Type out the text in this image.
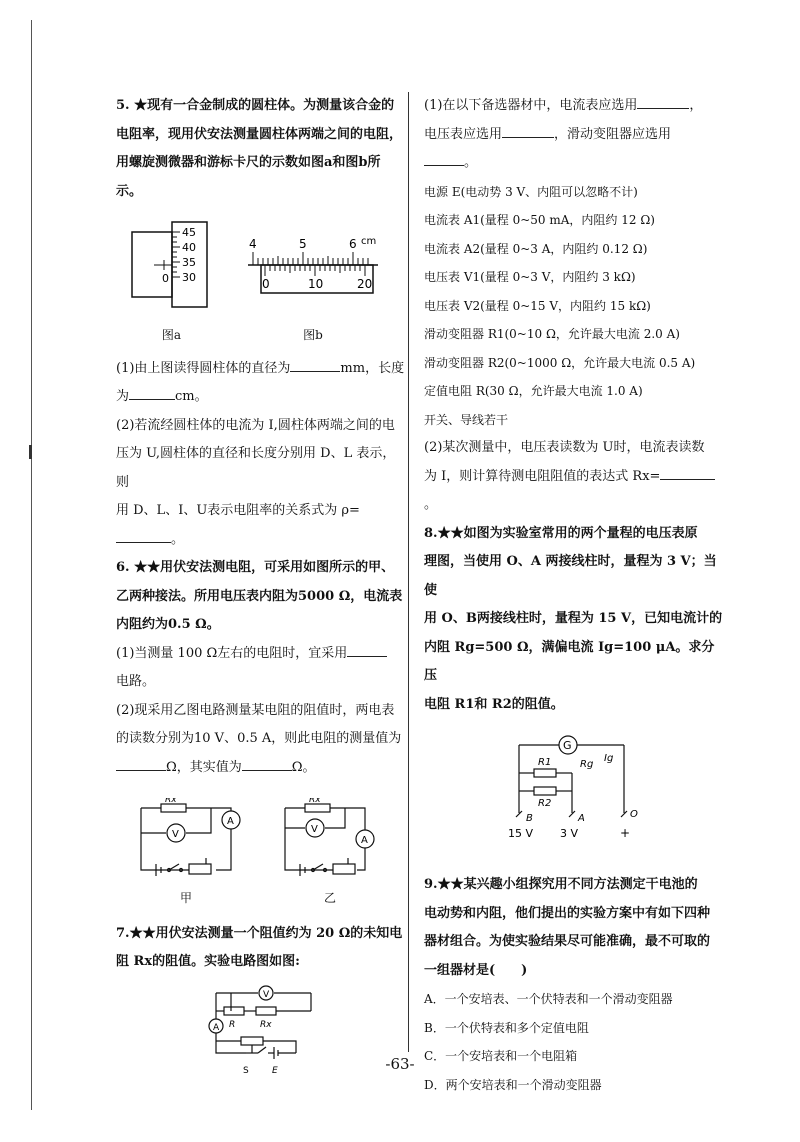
5. ★现有一合金制成的圆柱体。为测量该合金的

电阻率，现用伏安法测量圆柱体两端之间的电阻，

用螺旋测微器和游标卡尺的示数如图a和图b所示。

45
40
35
30
0
图a
4	5	6 cm
0	10	20
图b

(1)由上图读得圆柱体的直径为	mm，长度

为	cm。

(2)若流经圆柱体的电流为 I,圆柱体两端之间的电

压为 U,圆柱体的直径和长度分别用 D、L 表示，则

用 D、L、I、U表示电阻率的关系式为 ρ=。

6. ★★用伏安法测电阻，可采用如图所示的甲、

乙两种接法。所用电压表内阻为5000 Ω，电流表

内阻约为0.5 Ω。

(1)当测量 100 Ω左右的电阻时，宜采用

电路。

(2)现采用乙图电路测量某电阻的阻值时，两电表

的读数分别为10 V、0.5 A，则此电阻的测量值为

Ω，其实值为	Ω。

A
V
Rx
甲
A
V
Rx
乙

7.★★用伏安法测量一个阻值约为 20 Ω的未知电

阻 Rx的阻值。实验电路图如图:

V
A R	Rx
S	E

(1)在以下备选器材中，电流表应选用	，

电压表应选用	，滑动变阻器应选用

。

电源 E(电动势 3 V、内阻可以忽略不计)

电流表 A1(量程 0~50 mA，内阻约 12 Ω)

电流表 A2(量程 0~3 A，内阻约 0.12 Ω)

电压表 V1(量程 0~3 V，内阻约 3 kΩ)

电压表 V2(量程 0~15 V，内阻约 15 kΩ)

滑动变阻器 R1(0~10 Ω，允许最大电流 2.0 A)

滑动变阻器 R2(0~1000 Ω，允许最大电流 0.5 A)

定值电阻 R(30 Ω，允许最大电流 1.0 A)

开关、导线若干

(2)某次测量中，电压表读数为 U时，电流表读数

为 I，则计算待测电阻阻值的表达式 Rx=。

8.★★如图为实验室常用的两个量程的电压表原

理图，当使用 O、A 两接线柱时，量程为 3 V；当使

用 O、B两接线柱时，量程为 15 V，已知电流计的

内阻 Rg=500 Ω，满偏电流 Ig=100 μA。求分压

电阻 R1和 R2的阻值。

G
R1
R2
Rg
Ig
B	A	O
15 V 3 V	+

9.★★某兴趣小组探究用不同方法测定干电池的

电动势和内阻，他们提出的实验方案中有如下四种

器材组合。为使实验结果尽可能准确，最不可取的

一组器材是(　　)

A．一个安培表、一个伏特表和一个滑动变阻器

B．一个伏特表和多个定值电阻

C．一个安培表和一个电阻箱

D．两个安培表和一个滑动变阻器

-63-
